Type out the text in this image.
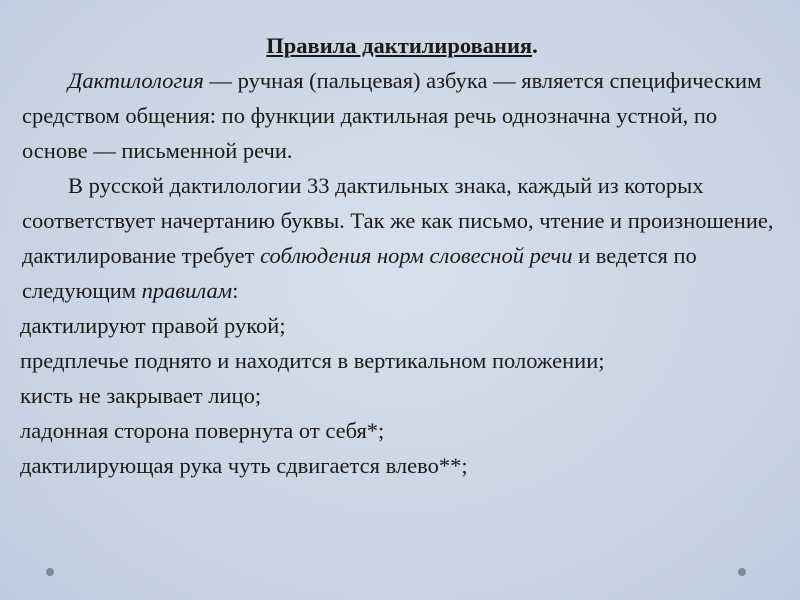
Правила дактилирования.

Дактилология — ручная (пальцевая) азбука — является специфическим средством общения: по функции дактильная речь однозначна устной, по основе — письменной речи.

В русской дактилологии 33 дактильных знака, каждый из которых соответствует начертанию буквы. Так же как письмо, чтение и произношение, дактилирование требует соблюдения норм словесной речи и ведется по следующим правилам:

дактилируют правой рукой;
предплечье поднято и находится в вертикальном положении;
кисть не закрывает лицо;
ладонная сторона повернута от себя*;
дактилирующая рука чуть сдвигается влево**;
